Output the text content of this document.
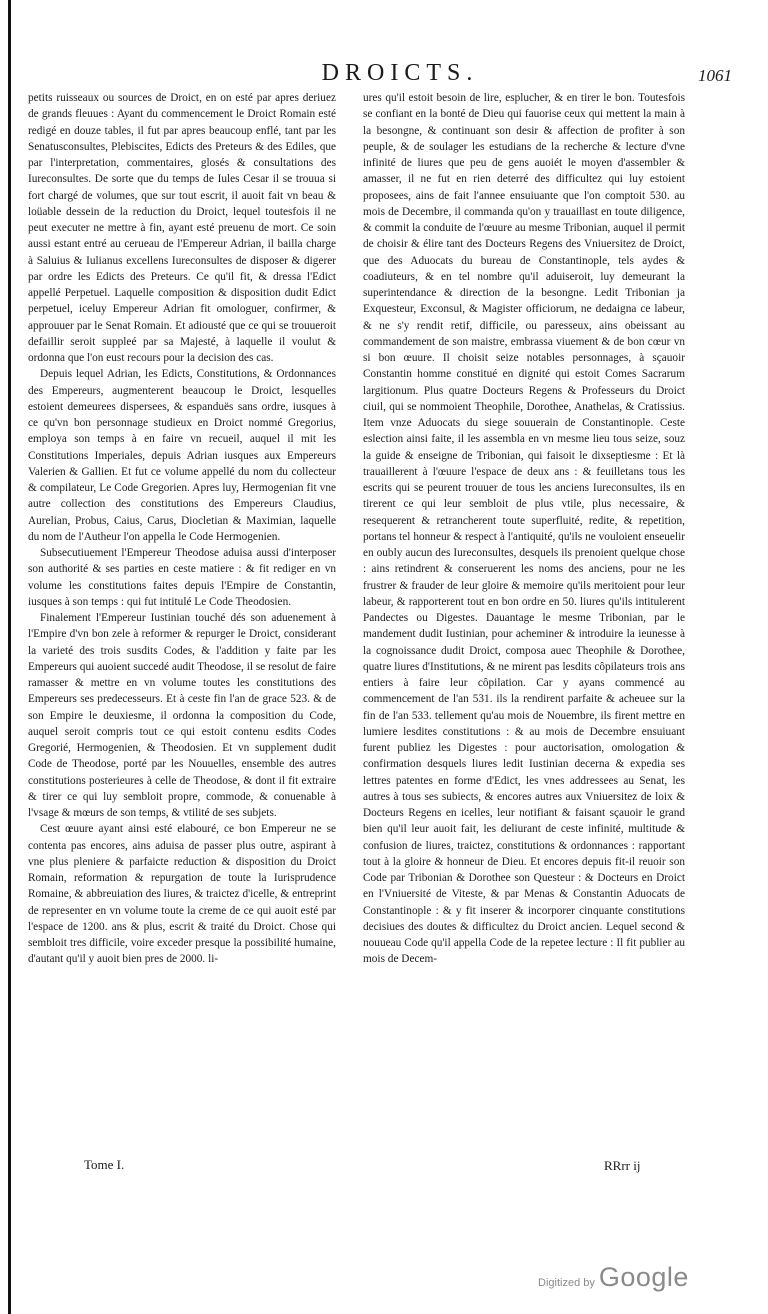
DROICTS.	1061

petits ruisseaux ou sources de Droict, en on esté par apres deriuez de grands fleuues : Ayant du commencement le Droict Romain esté redigé en douze tables, il fut par apres beaucoup enflé, tant par les Senatusconsultes, Plebiscites, Edicts des Preteurs & des Ediles, que par l'interpretation, commentaires, glosés & consultations des Iureconsultes. De sorte que du temps de Iules Cesar il se trouua si fort chargé de volumes, que sur tout escrit, il auoit fait vn beau & loüable dessein de la reduction du Droict, lequel toutesfois il ne peut executer ne mettre à fin, ayant esté preuenu de mort. Ce soin aussi estant entré au cerueau de l'Empereur Adrian, il bailla charge à Saluius & Iulianus excellens Iureconsultes de disposer & digerer par ordre les Edicts des Preteurs. Ce qu'il fit, & dressa l'Edict appellé Perpetuel. Laquelle composition & disposition dudit Edict perpetuel, iceluy Empereur Adrian fit omologuer, confirmer, & approuuer par le Senat Romain. Et adiousté que ce qui se trouueroit defaillir seroit suppleé par sa Majesté, à laquelle il voulut & ordonna que l'on eust recours pour la decision des cas.

Depuis lequel Adrian, les Edicts, Constitutions, & Ordonnances des Empereurs, augmenterent beaucoup le Droict, lesquelles estoient demeurees dispersees, & espanduës sans ordre, iusques à ce qu'vn bon personnage studieux en Droict nommé Gregorius, employa son temps à en faire vn recueil, auquel il mit les Constitutions Imperiales, depuis Adrian iusques aux Empereurs Valerien & Gallien. Et fut ce volume appellé du nom du collecteur & compilateur, Le Code Gregorien. Apres luy, Hermogenian fit vne autre collection des constitutions des Empereurs Claudius, Aurelian, Probus, Caius, Carus, Diocletian & Maximian, laquelle du nom de l'Autheur l'on appella le Code Hermogenien.

Subsecutiuement l'Empereur Theodose aduisa aussi d'interposer son authorité & ses parties en ceste matiere : & fit rediger en vn volume les constitutions faites depuis l'Empire de Constantin, iusques à son temps : qui fut intitulé Le Code Theodosien.

Finalement l'Empereur Iustinian touché dés son aduenement à l'Empire d'vn bon zele à reformer & repurger le Droict, considerant la varieté des trois susdits Codes, & l'addition y faite par les Empereurs qui auoient succedé audit Theodose, il se resolut de faire ramasser & mettre en vn volume toutes les constitutions des Empereurs ses predecesseurs. Et à ceste fin l'an de grace 523. & de son Empire le deuxiesme, il ordonna la composition du Code, auquel seroit compris tout ce qui estoit contenu esdits Codes Gregorié, Hermogenien, & Theodosien. Et vn supplement dudit Code de Theodose, porté par les Nouuelles, ensemble des autres constitutions posterieures à celle de Theodose, & dont il fit extraire & tirer ce qui luy sembloit propre, commode, & conuenable à l'vsage & mœurs de son temps, & vtilité de ses subjets.

Cest œuure ayant ainsi esté elabouré, ce bon Empereur ne se contenta pas encores, ains aduisa de passer plus outre, aspirant à vne plus pleniere & parfaicte reduction & disposition du Droict Romain, reformation & repurgation de toute la Iurisprudence Romaine, & abbreuiation des liures, & traictez d'icelle, & entreprint de representer en vn volume toute la creme de ce qui auoit esté par l'espace de 1200. ans & plus, escrit & traité du Droict. Chose qui sembloit tres difficile, voire exceder presque la possibilité humaine, d'autant qu'il y auoit bien pres de 2000. li-

ures qu'il estoit besoin de lire, esplucher, & en tirer le bon. Toutesfois se confiant en la bonté de Dieu qui fauorise ceux qui mettent la main à la besongne, & continuant son desir & affection de profiter à son peuple, & de soulager les estudians de la recherche & lecture d'vne infinité de liures que peu de gens auoiét le moyen d'assembler & amasser, il ne fut en rien deterré des difficultez qui luy estoient proposees, ains de fait l'annee ensuiuante que l'on comptoit 530. au mois de Decembre, il commanda qu'on y trauaillast en toute diligence, & commit la conduite de l'œuure au mesme Tribonian, auquel il permit de choisir & élire tant des Docteurs Regens des Vniuersitez de Droict, que des Aduocats du bureau de Constantinople, tels aydes & coadiuteurs, & en tel nombre qu'il aduiseroit, luy demeurant la superintendance & direction de la besongne. Ledit Tribonian ja Exquesteur, Exconsul, & Magister officiorum, ne dedaigna ce labeur, & ne s'y rendit retif, difficile, ou paresseux, ains obeissant au commandement de son maistre, embrassa viuement & de bon cœur vn si bon œuure. Il choisit seize notables personnages, à sçauoir Constantin homme constitué en dignité qui estoit Comes Sacrarum largitionum. Plus quatre Docteurs Regens & Professeurs du Droict ciuil, qui se nommoient Theophile, Dorothee, Anathelas, & Cratissius. Item vnze Aduocats du siege souuerain de Constantinople. Ceste eslection ainsi faite, il les assembla en vn mesme lieu tous seize, souz la guide & enseigne de Tribonian, qui faisoit le dixseptiesme : Et là trauaillerent à l'œuure l'espace de deux ans : & feuilletans tous les escrits qui se peurent trouuer de tous les anciens Iureconsultes, ils en tirerent ce qui leur sembloit de plus vtile, plus necessaire, & resequerent & retrancherent toute superfluité, redite, & repetition, portans tel honneur & respect à l'antiquité, qu'ils ne vouloient enseuelir en oubly aucun des Iureconsultes, desquels ils prenoient quelque chose : ains retindrent & conseruerent les noms des anciens, pour ne les frustrer & frauder de leur gloire & memoire qu'ils meritoient pour leur labeur, & rapporterent tout en bon ordre en 50. liures qu'ils intitulerent Pandectes ou Digestes. Dauantage le mesme Tribonian, par le mandement dudit Iustinian, pour acheminer & introduire la ieunesse à la cognoissance dudit Droict, composa auec Theophile & Dorothee, quatre liures d'Institutions, & ne mirent pas lesdits côpilateurs trois ans entiers à faire leur côpilation. Car y ayans commencé au commencement de l'an 531. ils la rendirent parfaite & acheuee sur la fin de l'an 533. tellement qu'au mois de Nouembre, ils firent mettre en lumiere lesdites constitutions : & au mois de Decembre ensuiuant furent publiez les Digestes : pour auctorisation, omologation & confirmation desquels liures ledit Iustinian decerna & expedia ses lettres patentes en forme d'Edict, les vnes addressees au Senat, les autres à tous ses subiects, & encores autres aux Vniuersitez de loix & Docteurs Regens en icelles, leur notifiant & faisant sçauoir le grand bien qu'il leur auoit fait, les deliurant de ceste infinité, multitude & confusion de liures, traictez, constitutions & ordonnances : rapportant tout à la gloire & honneur de Dieu. Et encores depuis fit-il reuoir son Code par Tribonian & Dorothee son Questeur : & Docteurs en Droict en l'Vniuersité de Viteste, & par Menas & Constantin Aduocats de Constantinople : & y fit inserer & incorporer cinquante constitutions decisiues des doutes & difficultez du Droict ancien. Lequel second & nouueau Code qu'il appella Code de la repetee lecture : Il fit publier au mois de Decem-

Tome I.	RRrr ij
Digitized by Google
